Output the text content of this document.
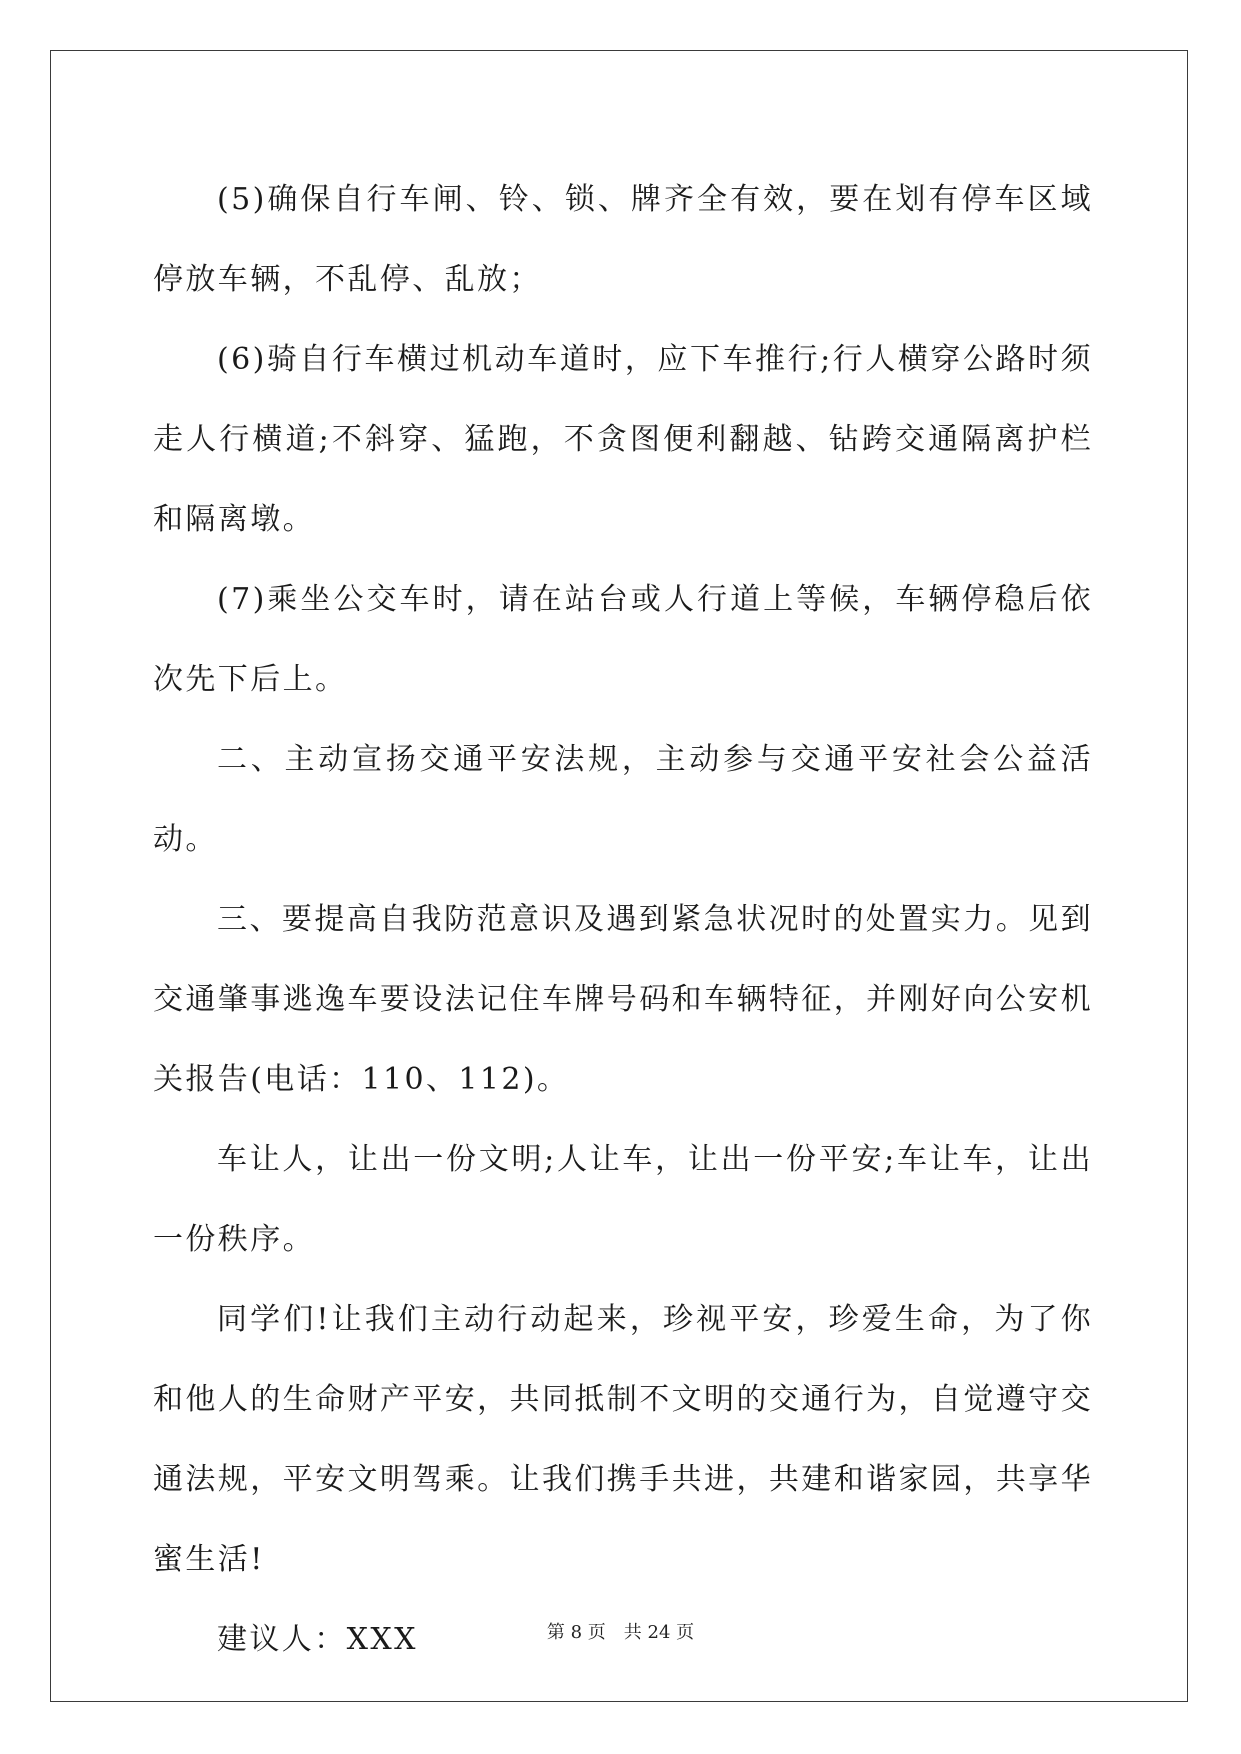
(5)确保自行车闸、铃、锁、牌齐全有效，要在划有停车区域停放车辆，不乱停、乱放；

(6)骑自行车横过机动车道时，应下车推行;行人横穿公路时须走人行横道;不斜穿、猛跑，不贪图便利翻越、钻跨交通隔离护栏和隔离墩。

(7)乘坐公交车时，请在站台或人行道上等候，车辆停稳后依次先下后上。

二、主动宣扬交通平安法规，主动参与交通平安社会公益活动。

三、要提高自我防范意识及遇到紧急状况时的处置实力。见到交通肇事逃逸车要设法记住车牌号码和车辆特征，并刚好向公安机关报告(电话：110、112)。

车让人，让出一份文明;人让车，让出一份平安;车让车，让出一份秩序。

同学们!让我们主动行动起来，珍视平安，珍爱生命，为了你和他人的生命财产平安，共同抵制不文明的交通行为，自觉遵守交通法规，平安文明驾乘。让我们携手共进，共建和谐家园，共享华蜜生活!

建议人：XXX	第 8 页　共 24 页
